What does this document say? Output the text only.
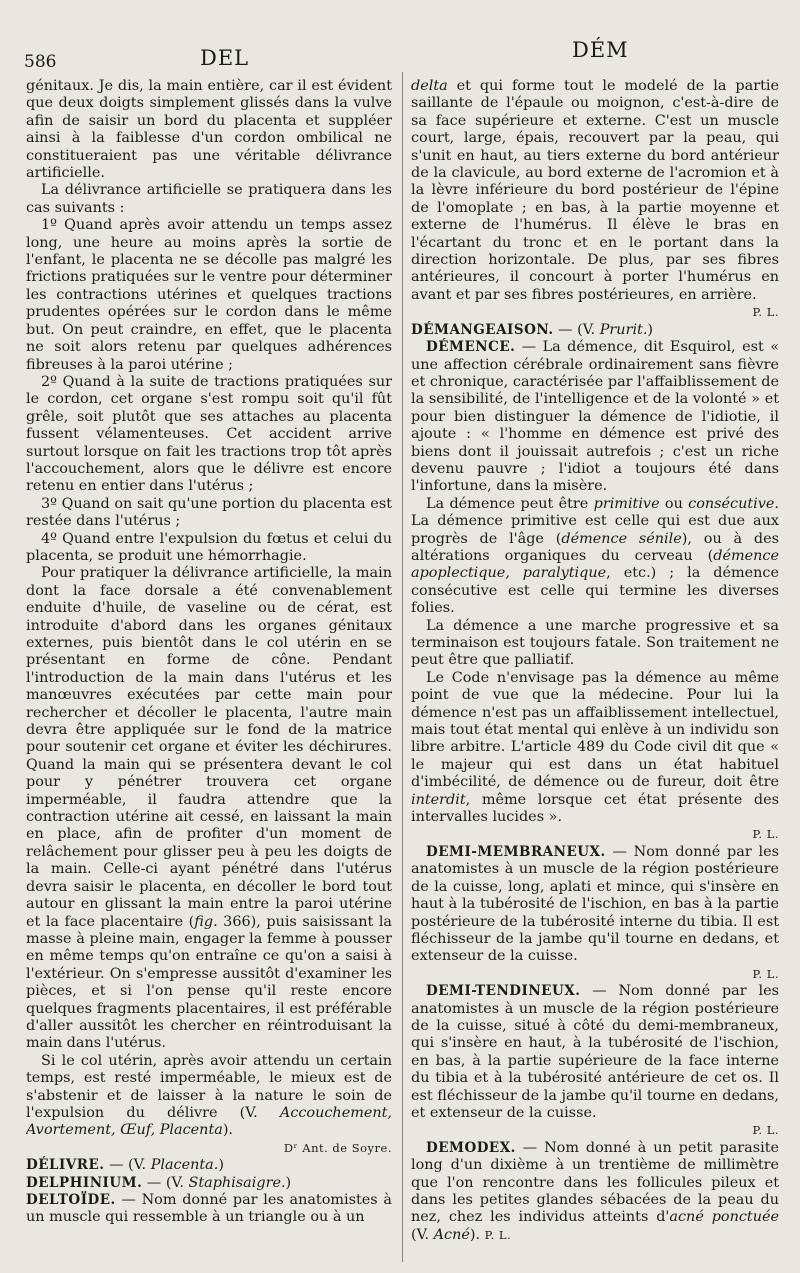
586	DEL	DÉM

génitaux. Je dis, la main entière, car il est évident que deux doigts simplement glissés dans la vulve afin de saisir un bord du placenta et suppléer ainsi à la faiblesse d'un cordon ombilical ne constitueraient pas une véritable délivrance artificielle.

La délivrance artificielle se pratiquera dans les cas suivants :

1º Quand après avoir attendu un temps assez long, une heure au moins après la sortie de l'enfant, le placenta ne se décolle pas malgré les frictions pratiquées sur le ventre pour déterminer les contractions utérines et quelques tractions prudentes opérées sur le cordon dans le même but. On peut craindre, en effet, que le placenta ne soit alors retenu par quelques adhérences fibreuses à la paroi utérine ;

2º Quand à la suite de tractions pratiquées sur le cordon, cet organe s'est rompu soit qu'il fût grêle, soit plutôt que ses attaches au placenta fussent vélamenteuses. Cet accident arrive surtout lorsque on fait les tractions trop tôt après l'accouchement, alors que le délivre est encore retenu en entier dans l'utérus ;

3º Quand on sait qu'une portion du placenta est restée dans l'utérus ;

4º Quand entre l'expulsion du fœtus et celui du placenta, se produit une hémorrhagie.

Pour pratiquer la délivrance artificielle, la main dont la face dorsale a été convenablement enduite d'huile, de vaseline ou de cérat, est introduite d'abord dans les organes génitaux externes, puis bientôt dans le col utérin en se présentant en forme de cône. Pendant l'introduction de la main dans l'utérus et les manœuvres exécutées par cette main pour rechercher et décoller le placenta, l'autre main devra être appliquée sur le fond de la matrice pour soutenir cet organe et éviter les déchirures. Quand la main qui se présentera devant le col pour y pénétrer trouvera cet organe imperméable, il faudra attendre que la contraction utérine ait cessé, en laissant la main en place, afin de profiter d'un moment de relâchement pour glisser peu à peu les doigts de la main. Celle-ci ayant pénétré dans l'utérus devra saisir le placenta, en décoller le bord tout autour en glissant la main entre la paroi utérine et la face placentaire (fig. 366), puis saisissant la masse à pleine main, engager la femme à pousser en même temps qu'on entraîne ce qu'on a saisi à l'extérieur. On s'empresse aussitôt d'examiner les pièces, et si l'on pense qu'il reste encore quelques fragments placentaires, il est préférable d'aller aussitôt les chercher en réintroduisant la main dans l'utérus.

Si le col utérin, après avoir attendu un certain temps, est resté imperméable, le mieux est de s'abstenir et de laisser à la nature le soin de l'expulsion du délivre (V. Accouchement, Avortement, Œuf, Placenta).

Dʳ Ant. de Soyre.

DÉLIVRE. — (V. Placenta.)

DELPHINIUM. — (V. Staphisaigre.)

DELTOÏDE. — Nom donné par les anatomistes à un muscle qui ressemble à un triangle ou à un

delta et qui forme tout le modelé de la partie saillante de l'épaule ou moignon, c'est-à-dire de sa face supérieure et externe. C'est un muscle court, large, épais, recouvert par la peau, qui s'unit en haut, au tiers externe du bord antérieur de la clavicule, au bord externe de l'acromion et à la lèvre inférieure du bord postérieur de l'épine de l'omoplate ; en bas, à la partie moyenne et externe de l'humérus. Il élève le bras en l'écartant du tronc et en le portant dans la direction horizontale. De plus, par ses fibres antérieures, il concourt à porter l'humérus en avant et par ses fibres postérieures, en arrière.

P. L.

DÉMANGEAISON. — (V. Prurit.)

DÉMENCE. — La démence, dit Esquirol, est « une affection cérébrale ordinairement sans fièvre et chronique, caractérisée par l'affaiblissement de la sensibilité, de l'intelligence et de la volonté » et pour bien distinguer la démence de l'idiotie, il ajoute : « l'homme en démence est privé des biens dont il jouissait autrefois ; c'est un riche devenu pauvre ; l'idiot a toujours été dans l'infortune, dans la misère.

La démence peut être primitive ou consécutive. La démence primitive est celle qui est due aux progrès de l'âge (démence sénile), ou à des altérations organiques du cerveau (démence apoplectique, paralytique, etc.) ; la démence consécutive est celle qui termine les diverses folies.

La démence a une marche progressive et sa terminaison est toujours fatale. Son traitement ne peut être que palliatif.

Le Code n'envisage pas la démence au même point de vue que la médecine. Pour lui la démence n'est pas un affaiblissement intellectuel, mais tout état mental qui enlève à un individu son libre arbitre. L'article 489 du Code civil dit que « le majeur qui est dans un état habituel d'imbécilité, de démence ou de fureur, doit être interdit, même lorsque cet état présente des intervalles lucides ».

P. L.

DEMI-MEMBRANEUX. — Nom donné par les anatomistes à un muscle de la région postérieure de la cuisse, long, aplati et mince, qui s'insère en haut à la tubérosité de l'ischion, en bas à la partie postérieure de la tubérosité interne du tibia. Il est fléchisseur de la jambe qu'il tourne en dedans, et extenseur de la cuisse.

P. L.

DEMI-TENDINEUX. — Nom donné par les anatomistes à un muscle de la région postérieure de la cuisse, situé à côté du demi-membraneux, qui s'insère en haut, à la tubérosité de l'ischion, en bas, à la partie supérieure de la face interne du tibia et à la tubérosité antérieure de cet os. Il est fléchisseur de la jambe qu'il tourne en dedans, et extenseur de la cuisse.

P. L.

DEMODEX. — Nom donné à un petit parasite long d'un dixième à un trentième de millimètre que l'on rencontre dans les follicules pileux et dans les petites glandes sébacées de la peau du nez, chez les individus atteints d'acné ponctuée (V. Acné). P. L.
